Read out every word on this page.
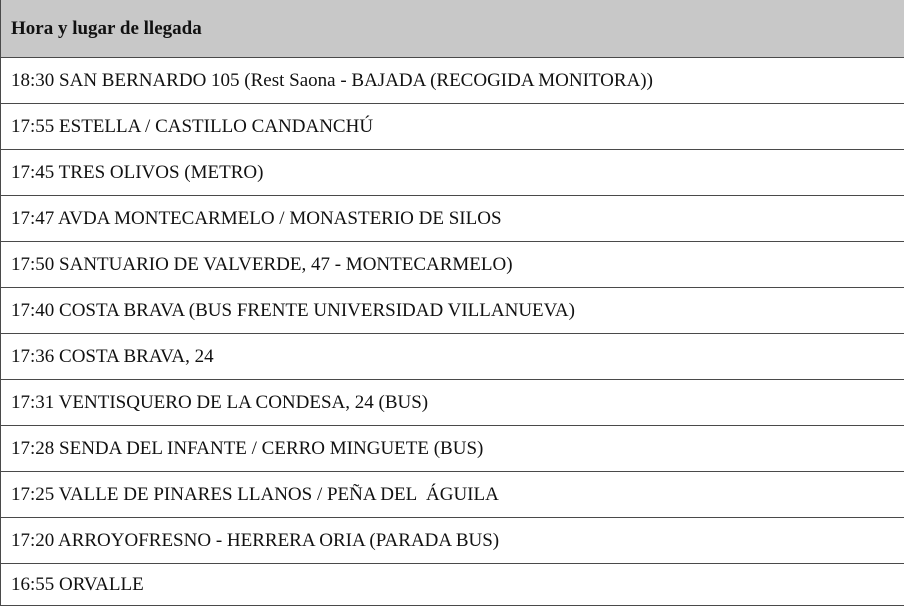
Hora y lugar de llegada
18:30 SAN BERNARDO 105 (Rest Saona - BAJADA (RECOGIDA MONITORA))
17:55 ESTELLA / CASTILLO CANDANCHÚ
17:45 TRES OLIVOS (METRO)
17:47 AVDA MONTECARMELO / MONASTERIO DE SILOS
17:50 SANTUARIO DE VALVERDE, 47 - MONTECARMELO)
17:40 COSTA BRAVA (BUS FRENTE UNIVERSIDAD VILLANUEVA)
17:36 COSTA BRAVA, 24
17:31 VENTISQUERO DE LA CONDESA, 24 (BUS)
17:28 SENDA DEL INFANTE / CERRO MINGUETE (BUS)
17:25 VALLE DE PINARES LLANOS / PEÑA DEL  ÁGUILA
17:20 ARROYOFRESNO - HERRERA ORIA (PARADA BUS)
16:55 ORVALLE
